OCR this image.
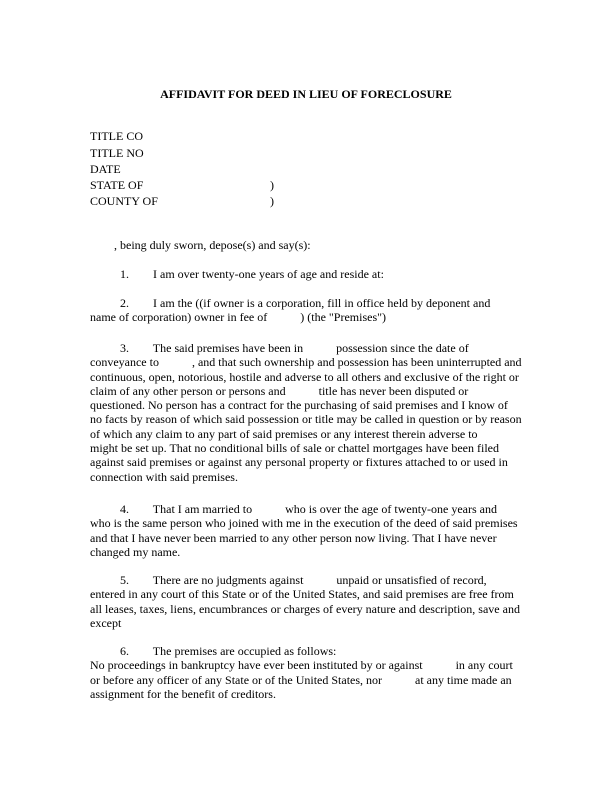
AFFIDAVIT FOR DEED IN LIEU OF FORECLOSURE
TITLE CO
TITLE NO
DATE
STATE OF	)
COUNTY OF	)
, being duly sworn, depose(s) and say(s):
1.        I am over twenty-one years of age and reside at:
2.        I am the ((if owner is a corporation, fill in office held by deponent and
name of corporation) owner in fee of           ) (the "Premises")
3.        The said premises have been in           possession since the date of
conveyance to           , and that such ownership and possession has been uninterrupted and
continuous, open, notorious, hostile and adverse to all others and exclusive of the right or
claim of any other person or persons and           title has never been disputed or
questioned. No person has a contract for the purchasing of said premises and I know of
no facts by reason of which said possession or title may be called in question or by reason
of which any claim to any part of said premises or any interest therein adverse to
might be set up. That no conditional bills of sale or chattel mortgages have been filed
against said premises or against any personal property or fixtures attached to or used in
connection with said premises.
4.        That I am married to           who is over the age of twenty-one years and
who is the same person who joined with me in the execution of the deed of said premises
and that I have never been married to any other person now living. That I have never
changed my name.
5.        There are no judgments against           unpaid or unsatisfied of record,
entered in any court of this State or of the United States, and said premises are free from
all leases, taxes, liens, encumbrances or charges of every nature and description, save and
except
6.        The premises are occupied as follows:
No proceedings in bankruptcy have ever been instituted by or against           in any court
or before any officer of any State or of the United States, nor           at any time made an
assignment for the benefit of creditors.
